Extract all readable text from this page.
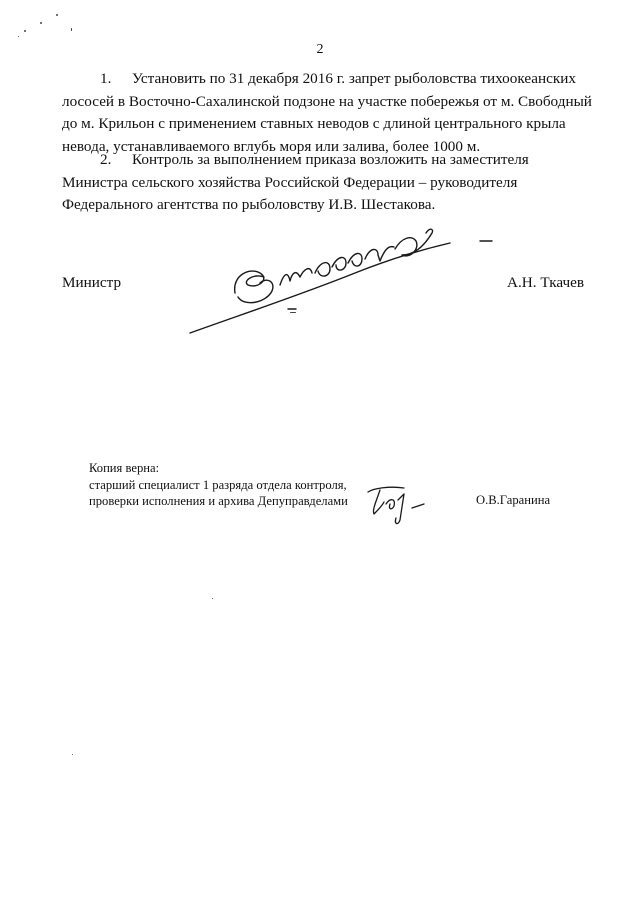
2
1. Установить по 31 декабря 2016 г. запрет рыболовства тихоокеанских
лососей в Восточно-Сахалинской подзоне на участке побережья от м. Свободный
до м. Крильон с применением ставных неводов с длиной центрального крыла
невода, устанавливаемого вглубь моря или залива, более 1000 м.
2. Контроль за выполнением приказа возложить на заместителя
Министра сельского хозяйства Российской Федерации – руководителя
Федерального агентства по рыболовству И.В. Шестакова.
Министр	А.Н. Ткачев
Копия верна:
старший специалист 1 разряда отдела контроля,
проверки исполнения и архива Депуправделами	О.В.Гаранина
